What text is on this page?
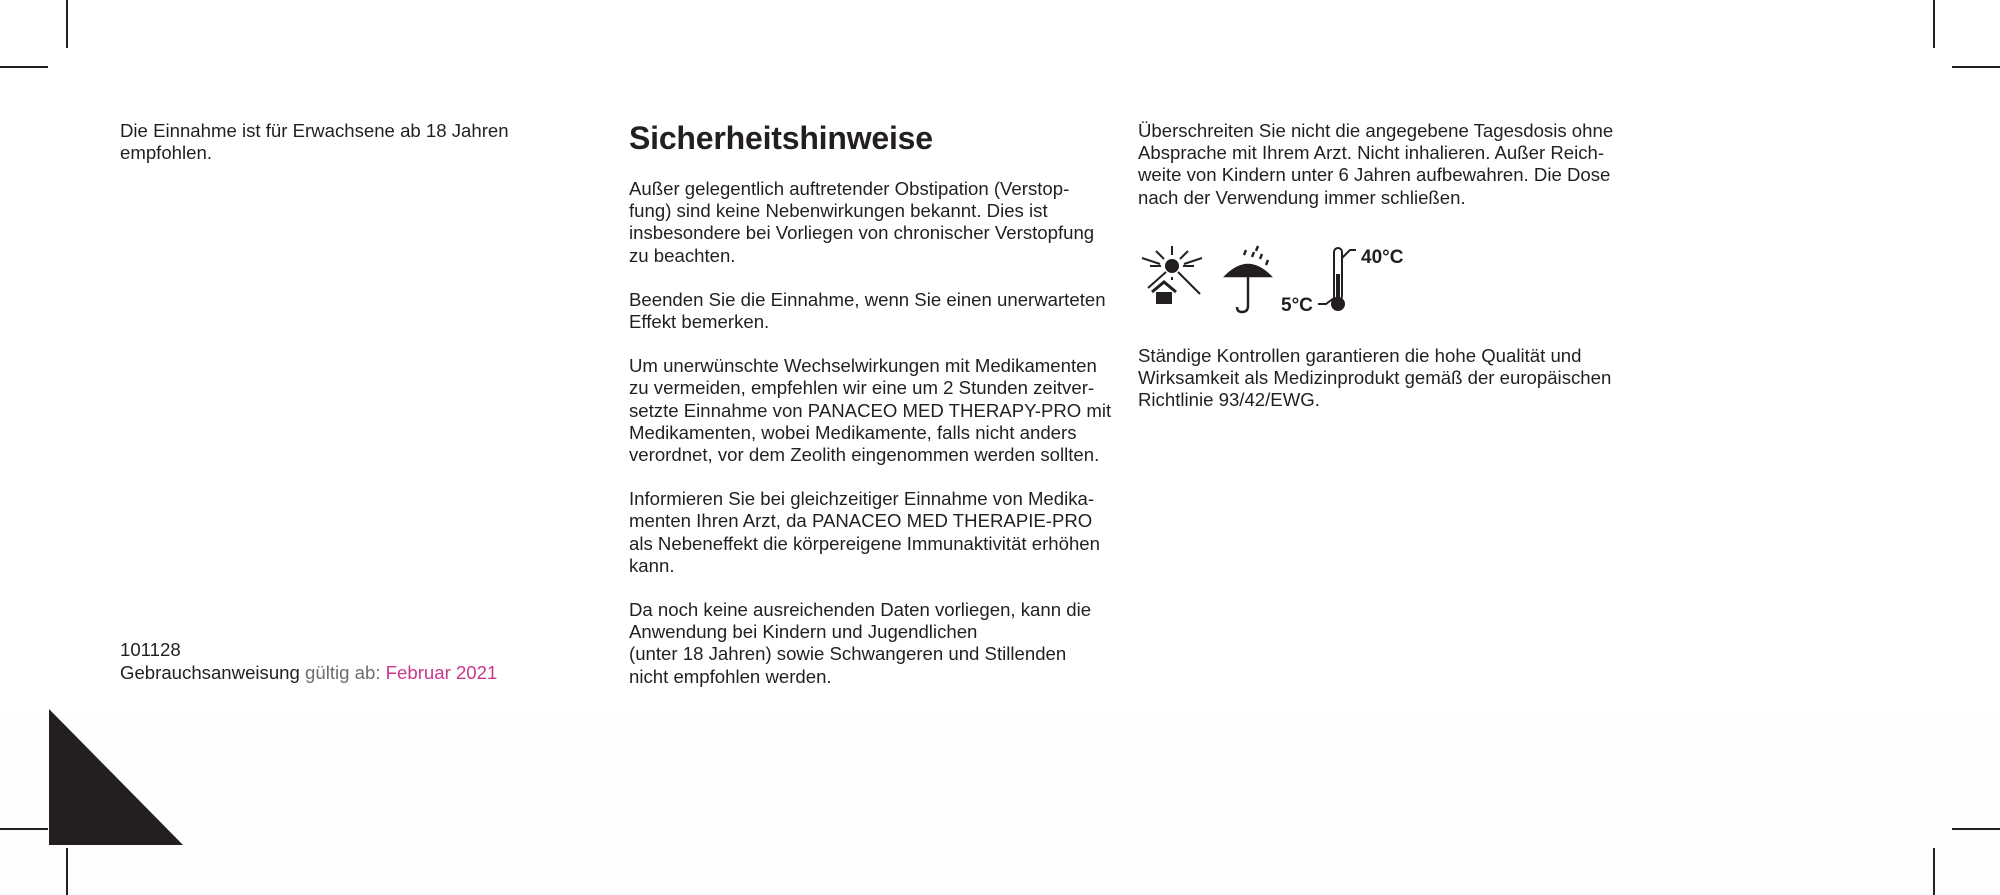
Die Einnahme ist für Erwachsene ab 18 Jahren empfohlen.

101128
Gebrauchsanweisung gültig ab: Februar 2021
Sicherheitshinweise

Außer gelegentlich auftretender Obstipation (Verstop-
fung) sind keine Nebenwirkungen bekannt. Dies ist
insbesondere bei Vorliegen von chronischer Verstopfung
zu beachten.

Beenden Sie die Einnahme, wenn Sie einen unerwarteten
Effekt bemerken.

Um unerwünschte Wechselwirkungen mit Medikamenten
zu vermeiden, empfehlen wir eine um 2 Stunden zeitver-
setzte Einnahme von PANACEO MED THERAPY-PRO mit
Medikamenten, wobei Medikamente, falls nicht anders
verordnet, vor dem Zeolith eingenommen werden sollten.

Informieren Sie bei gleichzeitiger Einnahme von Medika-
menten Ihren Arzt, da PANACEO MED THERAPIE-PRO
als Nebeneffekt die körpereigene Immunaktivität erhöhen
kann.

Da noch keine ausreichenden Daten vorliegen, kann die
Anwendung bei Kindern und Jugendlichen
(unter 18 Jahren) sowie Schwangeren und Stillenden
nicht empfohlen werden.

Überschreiten Sie nicht die angegebene Tagesdosis ohne
Absprache mit Ihrem Arzt. Nicht inhalieren. Außer Reich-
weite von Kindern unter 6 Jahren aufbewahren. Die Dose
nach der Verwendung immer schließen.

40°C
5°C

Ständige Kontrollen garantieren die hohe Qualität und
Wirksamkeit als Medizinprodukt gemäß der europäischen
Richtlinie 93/42/EWG.
